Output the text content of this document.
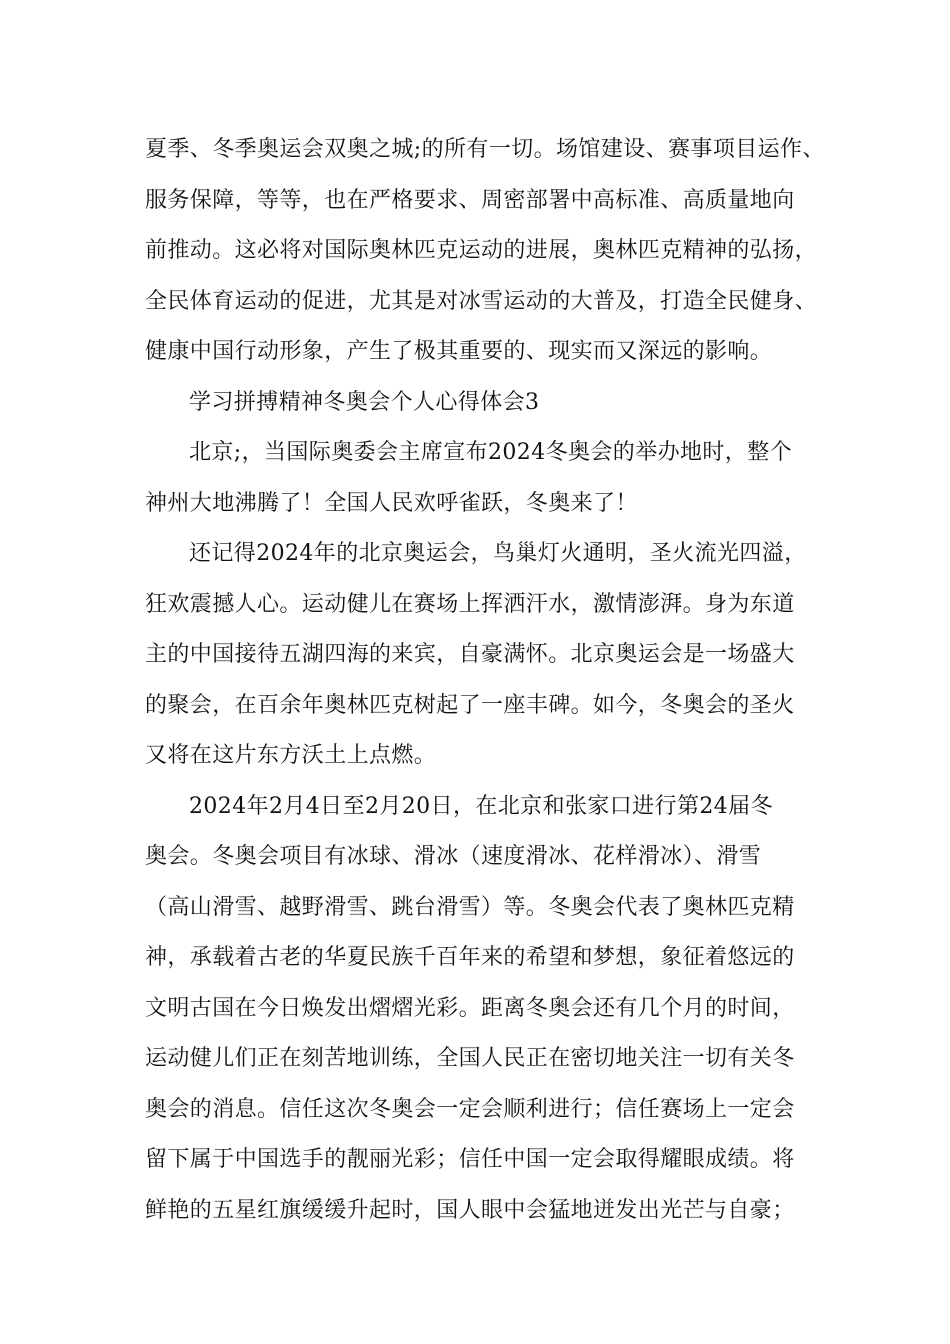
夏季、冬季奥运会双奥之城;的所有一切。场馆建设、赛事项目运作、
服务保障，等等，也在严格要求、周密部署中高标准、高质量地向
前推动。这必将对国际奥林匹克运动的进展，奥林匹克精神的弘扬，
全民体育运动的促进，尤其是对冰雪运动的大普及，打造全民健身、
健康中国行动形象，产生了极其重要的、现实而又深远的影响。
学习拼搏精神冬奥会个人心得体会3
北京;，当国际奥委会主席宣布2024冬奥会的举办地时，整个
神州大地沸腾了！全国人民欢呼雀跃，冬奥来了！
还记得2024年的北京奥运会，鸟巢灯火通明，圣火流光四溢，
狂欢震撼人心。运动健儿在赛场上挥洒汗水，激情澎湃。身为东道
主的中国接待五湖四海的来宾，自豪满怀。北京奥运会是一场盛大
的聚会，在百余年奥林匹克树起了一座丰碑。如今，冬奥会的圣火
又将在这片东方沃土上点燃。
2024年2月4日至2月20日，在北京和张家口进行第24届冬
奥会。冬奥会项目有冰球、滑冰（速度滑冰、花样滑冰）、滑雪
（高山滑雪、越野滑雪、跳台滑雪）等。冬奥会代表了奥林匹克精
神，承载着古老的华夏民族千百年来的希望和梦想，象征着悠远的
文明古国在今日焕发出熠熠光彩。距离冬奥会还有几个月的时间，
运动健儿们正在刻苦地训练，全国人民正在密切地关注一切有关冬
奥会的消息。信任这次冬奥会一定会顺利进行；信任赛场上一定会
留下属于中国选手的靓丽光彩；信任中国一定会取得耀眼成绩。将
鲜艳的五星红旗缓缓升起时，国人眼中会猛地迸发出光芒与自豪；
